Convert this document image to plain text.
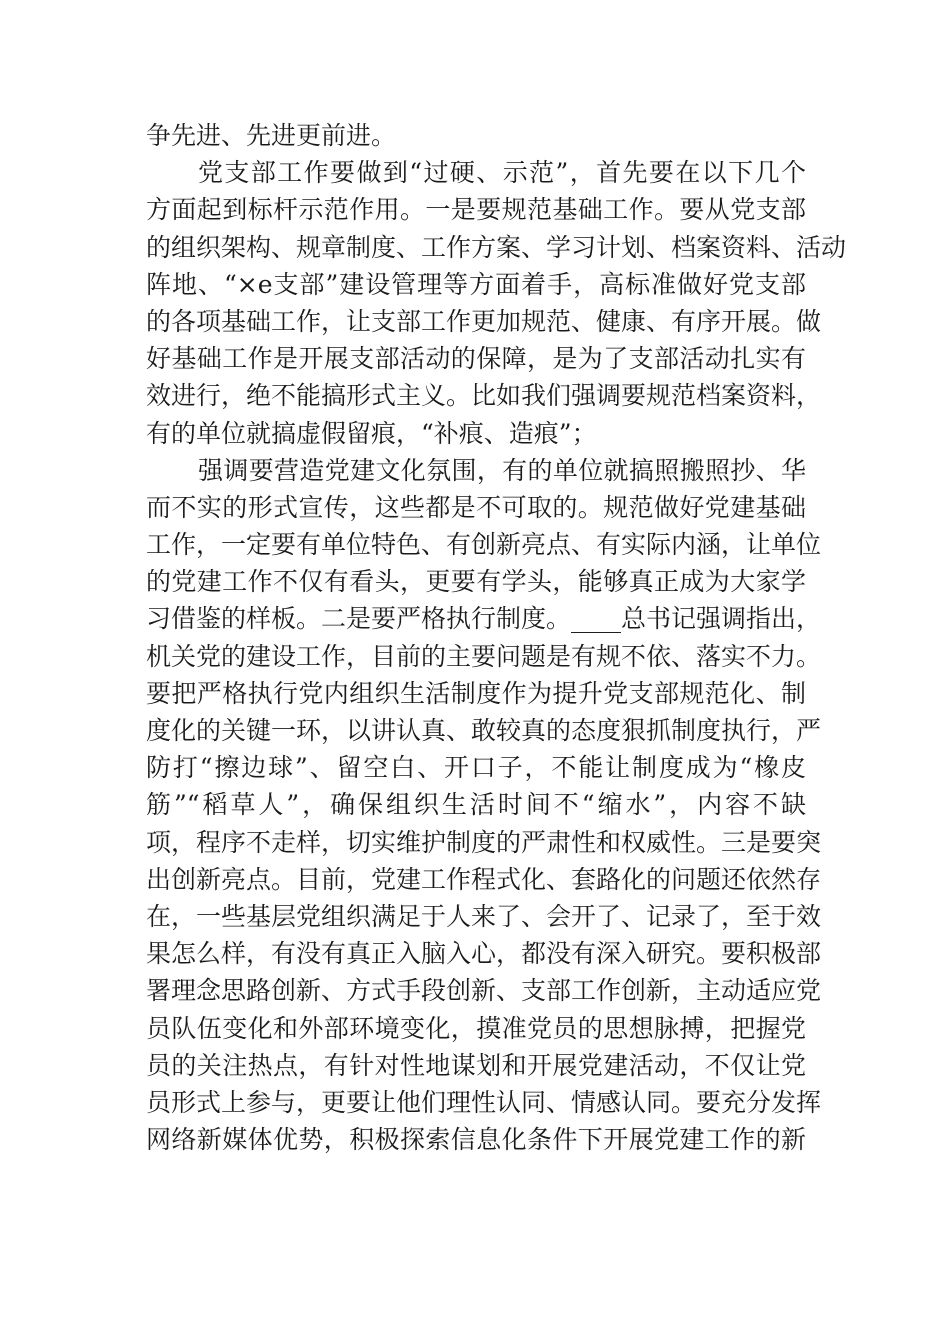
争先进、先进更前进。
党支部工作要做到“过硬、示范”，首先要在以下几个
方面起到标杆示范作用。一是要规范基础工作。要从党支部
的组织架构、规章制度、工作方案、学习计划、档案资料、活动
阵地、“×e支部”建设管理等方面着手，高标准做好党支部
的各项基础工作，让支部工作更加规范、健康、有序开展。做
好基础工作是开展支部活动的保障，是为了支部活动扎实有
效进行，绝不能搞形式主义。比如我们强调要规范档案资料，
有的单位就搞虚假留痕，“补痕、造痕”；
强调要营造党建文化氛围，有的单位就搞照搬照抄、华
而不实的形式宣传，这些都是不可取的。规范做好党建基础
工作，一定要有单位特色、有创新亮点、有实际内涵，让单位
的党建工作不仅有看头，更要有学头，能够真正成为大家学
习借鉴的样板。二是要严格执行制度。____总书记强调指出，
机关党的建设工作，目前的主要问题是有规不依、落实不力。
要把严格执行党内组织生活制度作为提升党支部规范化、制
度化的关键一环，以讲认真、敢较真的态度狠抓制度执行，严
防打“擦边球”、留空白、开口子，不能让制度成为“橡皮
筋”“稻草人”，确保组织生活时间不“缩水”，内容不缺
项，程序不走样，切实维护制度的严肃性和权威性。三是要突
出创新亮点。目前，党建工作程式化、套路化的问题还依然存
在，一些基层党组织满足于人来了、会开了、记录了，至于效
果怎么样，有没有真正入脑入心，都没有深入研究。要积极部
署理念思路创新、方式手段创新、支部工作创新，主动适应党
员队伍变化和外部环境变化，摸准党员的思想脉搏，把握党
员的关注热点，有针对性地谋划和开展党建活动，不仅让党
员形式上参与，更要让他们理性认同、情感认同。要充分发挥
网络新媒体优势，积极探索信息化条件下开展党建工作的新
